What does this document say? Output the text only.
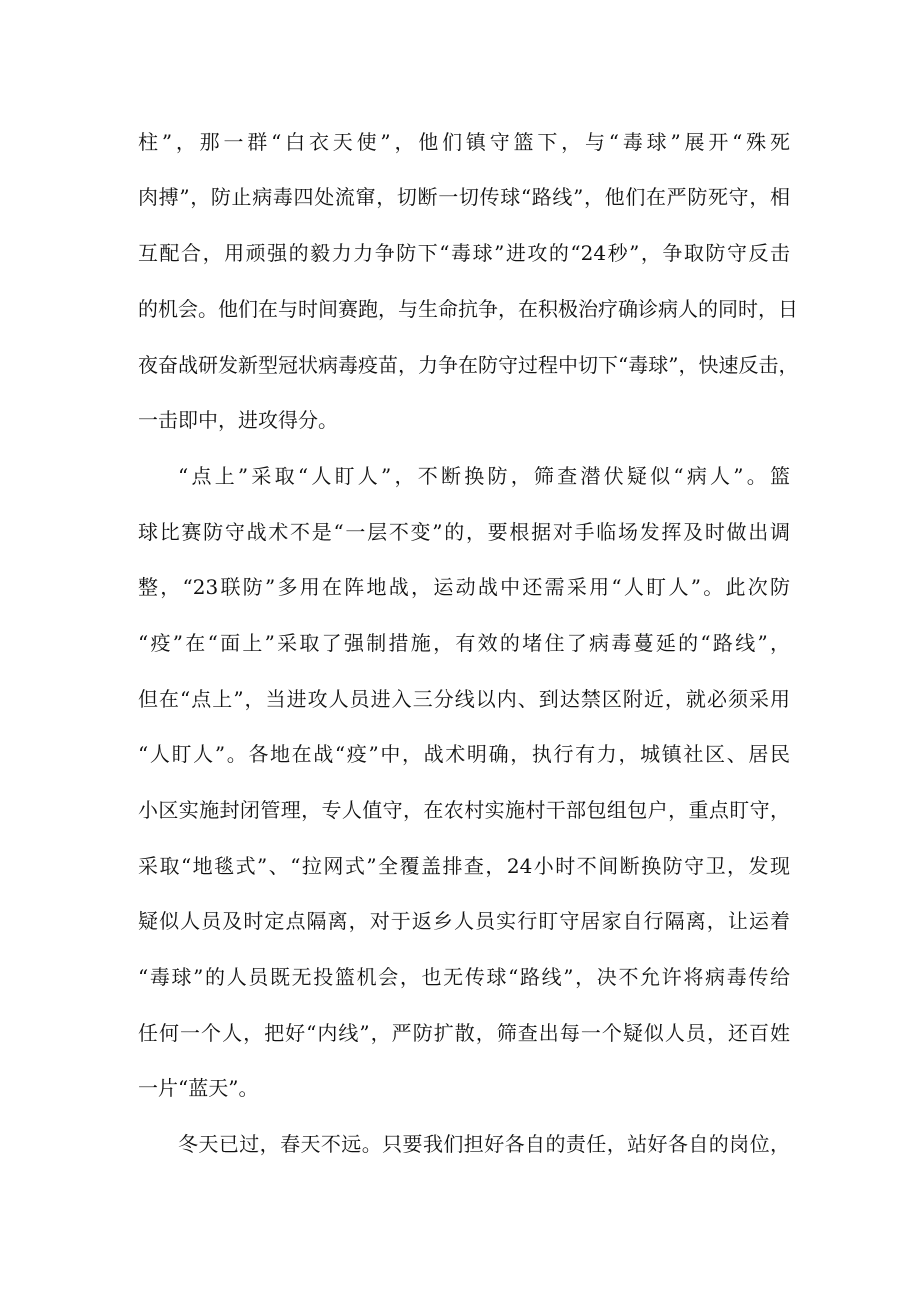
柱”，那一群“白衣天使”，他们镇守篮下，与“毒球”展开“殊死
肉搏”，防止病毒四处流窜，切断一切传球“路线”，他们在严防死守，相
互配合，用顽强的毅力力争防下“毒球”进攻的“24秒”，争取防守反击
的机会。他们在与时间赛跑，与生命抗争，在积极治疗确诊病人的同时，日
夜奋战研发新型冠状病毒疫苗，力争在防守过程中切下“毒球”，快速反击，
一击即中，进攻得分。
“点上”采取“人盯人”，不断换防，筛查潜伏疑似“病人”。篮
球比赛防守战术不是“一层不变”的，要根据对手临场发挥及时做出调
整，“23联防”多用在阵地战，运动战中还需采用“人盯人”。此次防
“疫”在“面上”采取了强制措施，有效的堵住了病毒蔓延的“路线”，
但在“点上”，当进攻人员进入三分线以内、到达禁区附近，就必须采用
“人盯人”。各地在战“疫”中，战术明确，执行有力，城镇社区、居民
小区实施封闭管理，专人值守，在农村实施村干部包组包户，重点盯守，
采取“地毯式”、“拉网式”全覆盖排查，24小时不间断换防守卫，发现
疑似人员及时定点隔离，对于返乡人员实行盯守居家自行隔离，让运着
“毒球”的人员既无投篮机会，也无传球“路线”，决不允许将病毒传给
任何一个人，把好“内线”，严防扩散，筛查出每一个疑似人员，还百姓
一片“蓝天”。
冬天已过，春天不远。只要我们担好各自的责任，站好各自的岗位，
